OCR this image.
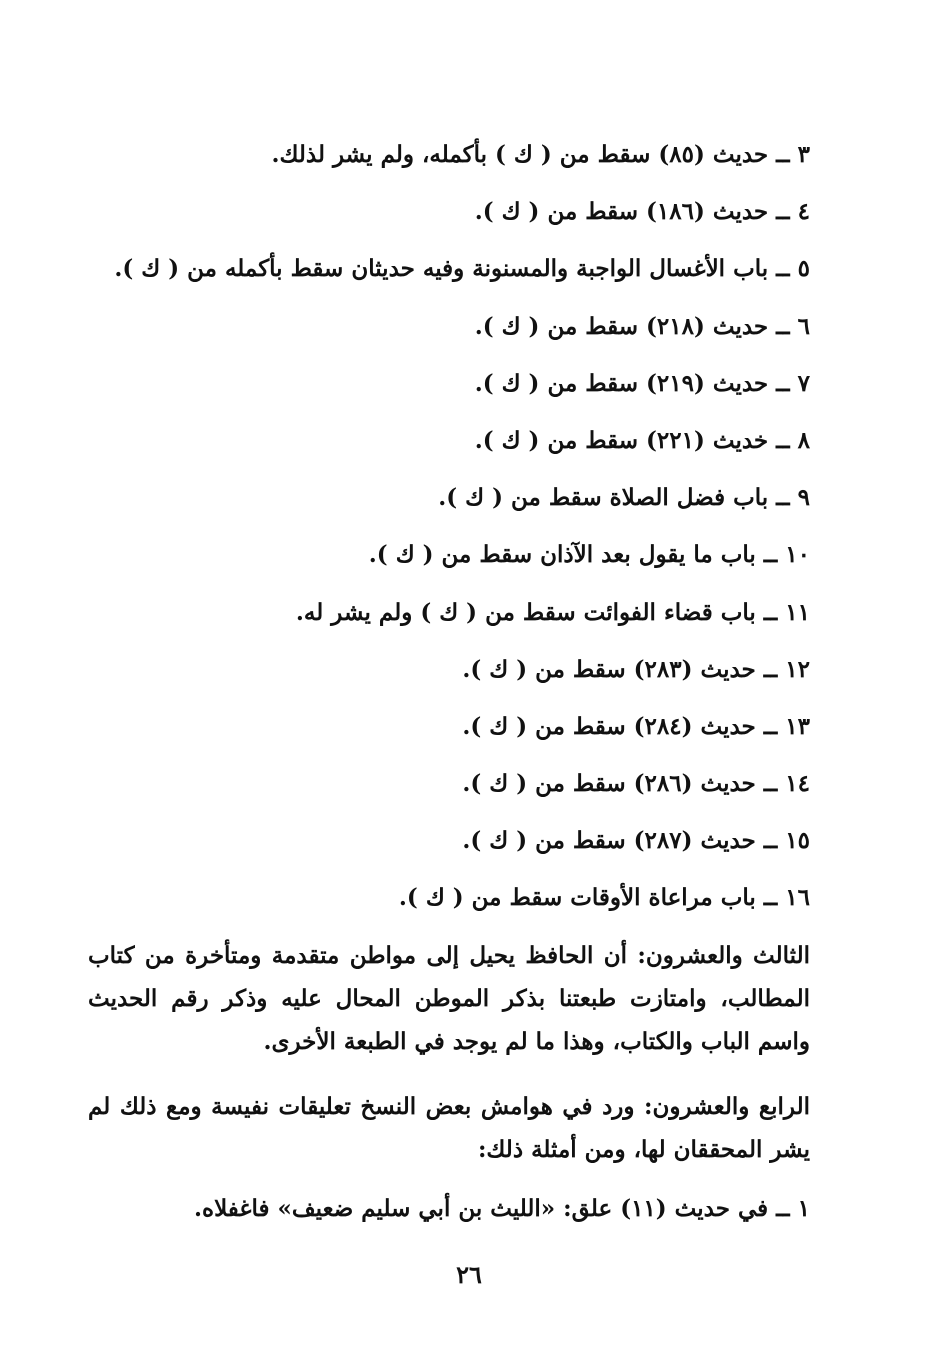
٣ ــ حديث (٨٥) سقط من ( ك ) بأكمله، ولم يشر لذلك.
٤ ــ حديث (١٨٦) سقط من ( ك ).
٥ ــ باب الأغسال الواجبة والمسنونة وفيه حديثان سقط بأكمله من ( ك ).
٦ ــ حديث (٢١٨) سقط من ( ك ).
٧ ــ حديث (٢١٩) سقط من ( ك ).
٨ ــ خديث (٢٢١) سقط من ( ك ).
٩ ــ باب فضل الصلاة سقط من ( ك ).
١٠ ــ باب ما يقول بعد الآذان سقط من ( ك ).
١١ ــ باب قضاء الفوائت سقط من ( ك ) ولم يشر له.
١٢ ــ حديث (٢٨٣) سقط من ( ك ).
١٣ ــ حديث (٢٨٤) سقط من ( ك ).
١٤ ــ حديث (٢٨٦) سقط من ( ك ).
١٥ ــ حديث (٢٨٧) سقط من ( ك ).
١٦ ــ باب مراعاة الأوقات سقط من ( ك ).

الثالث والعشرون: أن الحافظ يحيل إلى مواطن متقدمة ومتأخرة من كتاب المطالب، وامتازت طبعتنا بذكر الموطن المحال عليه وذكر رقم الحديث واسم الباب والكتاب، وهذا ما لم يوجد في الطبعة الأخرى.

الرابع والعشرون: ورد في هوامش بعض النسخ تعليقات نفيسة ومع ذلك لم يشر المحققان لها، ومن أمثلة ذلك:

١ ــ في حديث (١١) علق: «الليث بن أبي سليم ضعيف» فاغفلاه.
٢٦
